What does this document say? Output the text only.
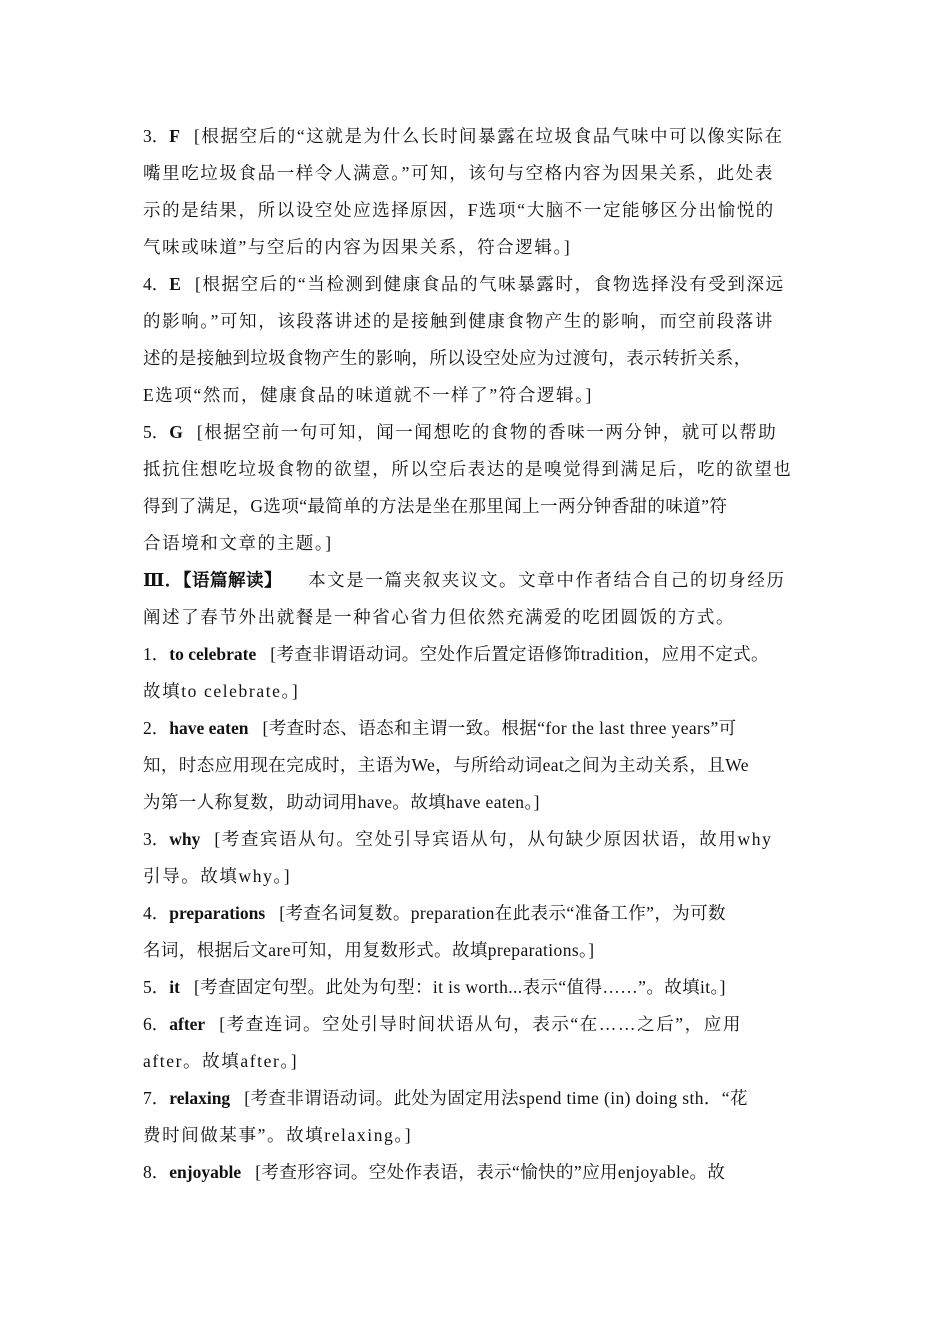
3．F [根据空后的“这就是为什么长时间暴露在垃圾食品气味中可以像实际在
嘴里吃垃圾食品一样令人满意。”可知，该句与空格内容为因果关系，此处表
示的是结果，所以设空处应选择原因，F选项“大脑不一定能够区分出愉悦的
气味或味道”与空后的内容为因果关系，符合逻辑。]
4．E [根据空后的“当检测到健康食品的气味暴露时，食物选择没有受到深远
的影响。”可知，该段落讲述的是接触到健康食物产生的影响，而空前段落讲
述的是接触到垃圾食物产生的影响，所以设空处应为过渡句，表示转折关系，
E选项“然而，健康食品的味道就不一样了”符合逻辑。]
5．G [根据空前一句可知，闻一闻想吃的食物的香味一两分钟，就可以帮助
抵抗住想吃垃圾食物的欲望，所以空后表达的是嗅觉得到满足后，吃的欲望也
得到了满足，G选项“最简单的方法是坐在那里闻上一两分钟香甜的味道”符
合语境和文章的主题。]
Ⅲ．【语篇解读】 本文是一篇夹叙夹议文。文章中作者结合自己的切身经历
阐述了春节外出就餐是一种省心省力但依然充满爱的吃团圆饭的方式。
1．to celebrate [考查非谓语动词。空处作后置定语修饰tradition，应用不定式。
故填to celebrate。]
2．have eaten [考查时态、语态和主谓一致。根据“for the last three years”可
知，时态应用现在完成时，主语为We，与所给动词eat之间为主动关系，且We
为第一人称复数，助动词用have。故填have eaten。]
3．why [考查宾语从句。空处引导宾语从句，从句缺少原因状语，故用why
引导。故填why。]
4．preparations [考查名词复数。preparation在此表示“准备工作”，为可数
名词，根据后文are可知，用复数形式。故填preparations。]
5．it [考查固定句型。此处为句型：it is worth...表示“值得……”。故填it。]
6．after [考查连词。空处引导时间状语从句，表示“在……之后”，应用
after。故填after。]
7．relaxing [考查非谓语动词。此处为固定用法spend time (in) doing sth．“花
费时间做某事”。故填relaxing。]
8．enjoyable [考查形容词。空处作表语，表示“愉快的”应用enjoyable。故
